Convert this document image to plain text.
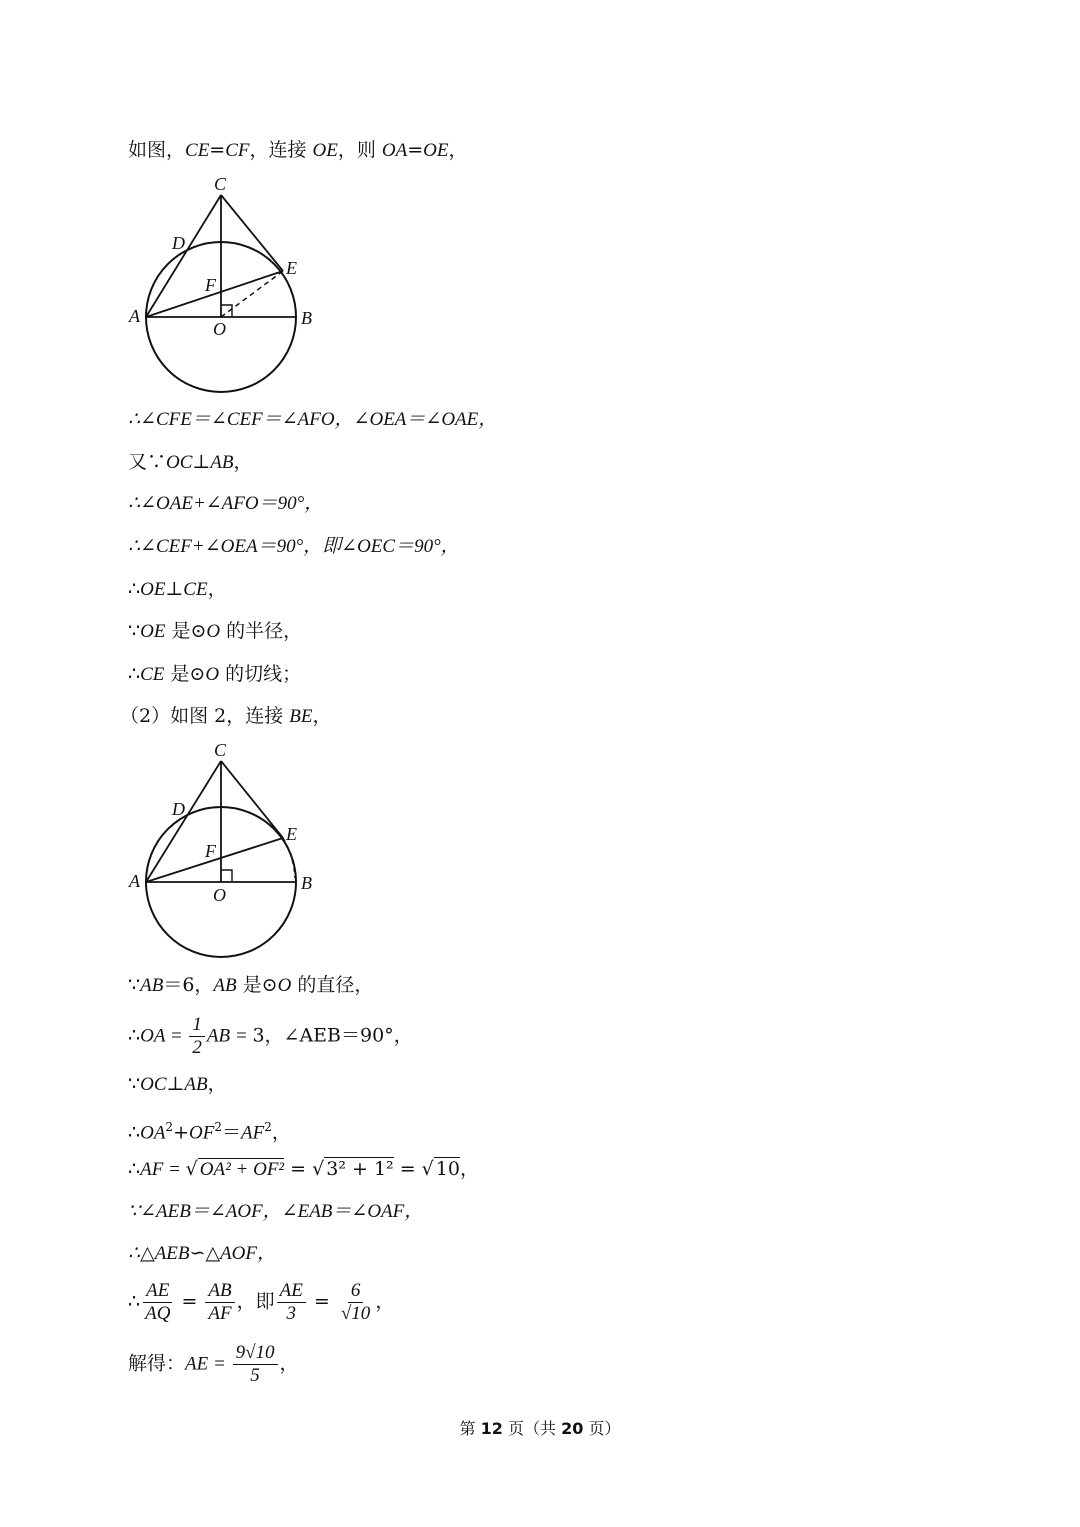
如图，CE=CF，连接 OE，则 OA=OE，
C
D
E
F
A
O
B
∴∠CFE＝∠CEF＝∠AFO，∠OEA＝∠OAE，
又∵OC⊥AB，
∴∠OAE+∠AFO＝90°，
∴∠CEF+∠OEA＝90°，即∠OEC＝90°，
∴OE⊥CE，
∵OE 是⊙O 的半径，
∴CE 是⊙O 的切线；
（2）如图 2，连接 BE，
C
D
E
F
A
O
B
∵AB＝6，AB 是⊙O 的直径，
∴OA = $\frac{1}{2}$ AB = 3，∠AEB＝90°，
∵OC⊥AB，
$\therefore OA^2+OF^2=AF^2$，
∴AF = √ OA² + OF² = √ 3² + 1² = √ 10，
∵∠AEB＝∠AOF，∠EAB＝∠OAF，
∴△AEB∽△AOF，
∴ $\frac{AE}{AQ} = \frac{AB}{AF}$ ，即 $\frac{AE}{3} = \frac{6}{√10}$ ，
解得：AE = $\frac{9√10}{5}$ ，
第 12 页（共 20 页）
